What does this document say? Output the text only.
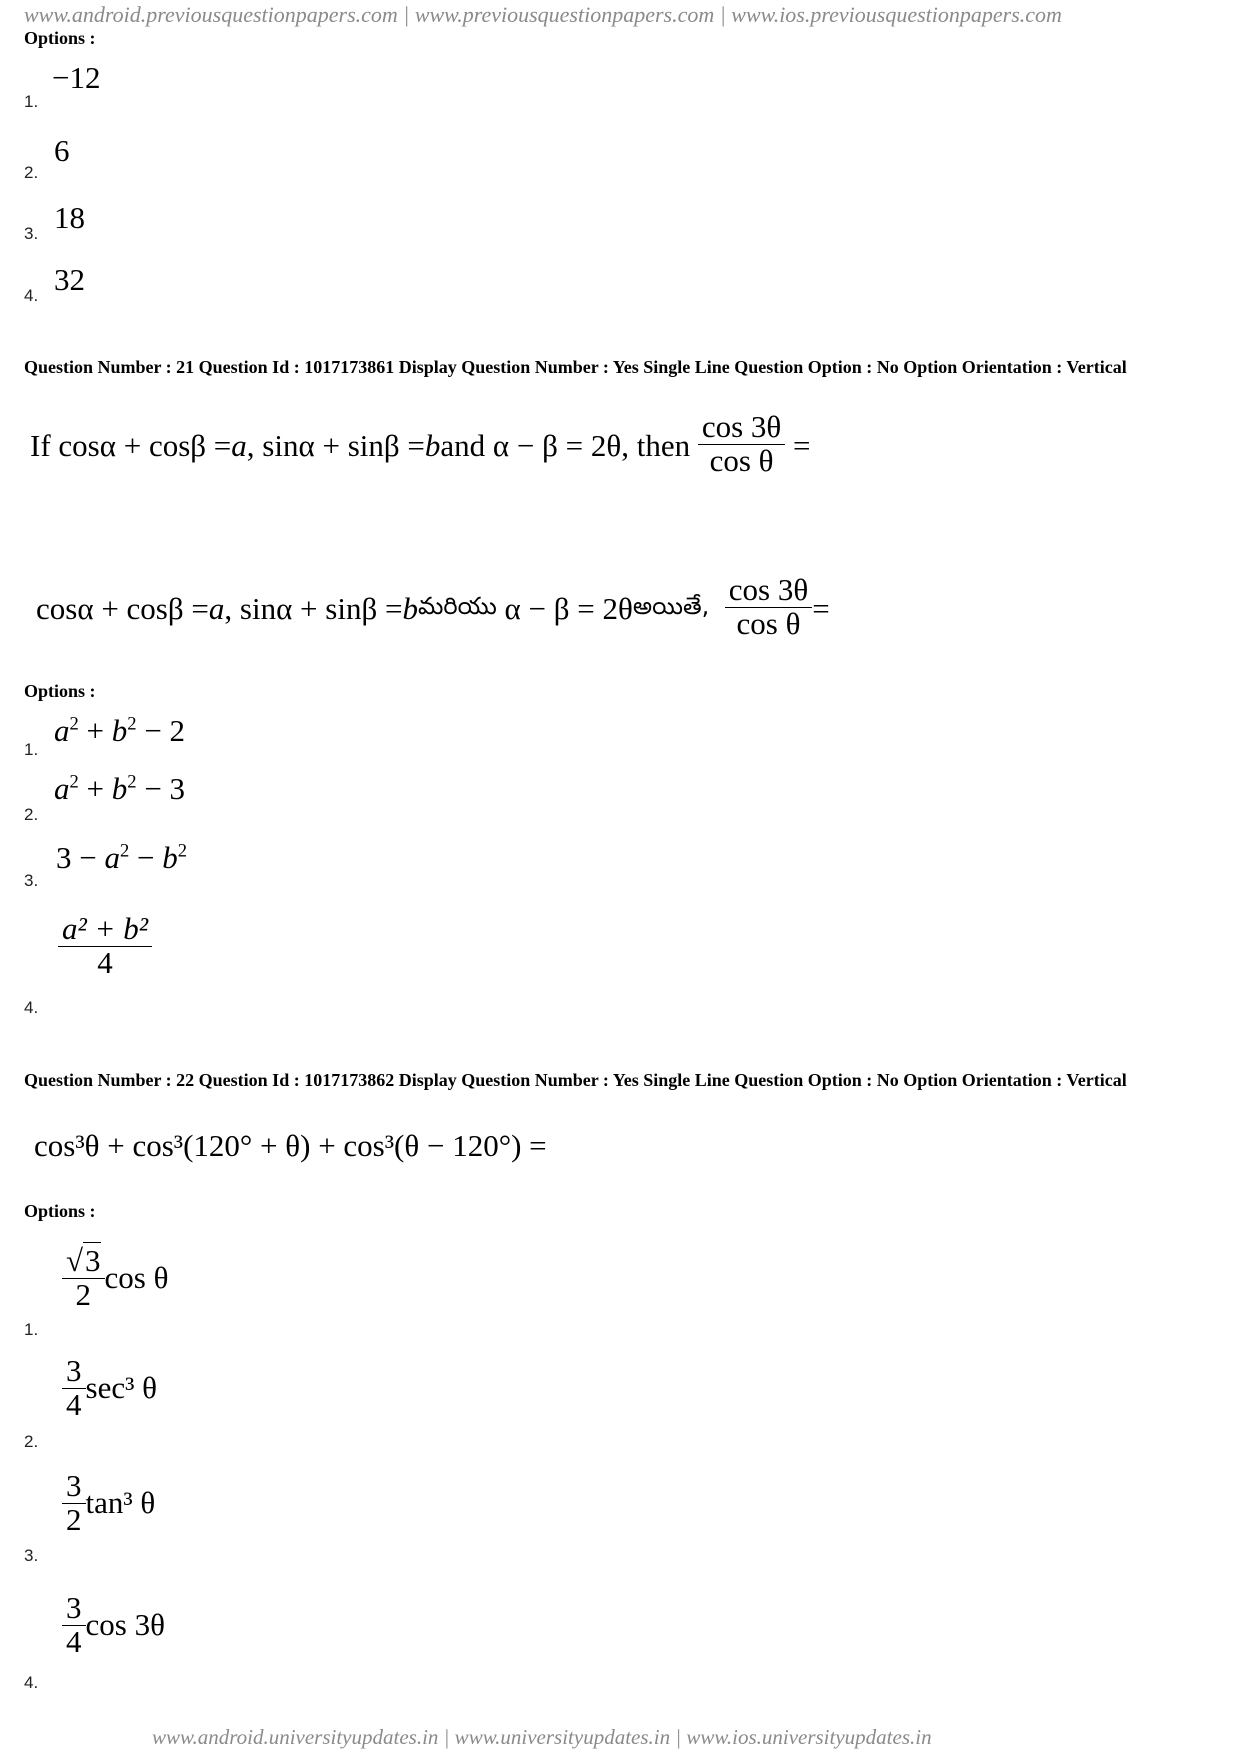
www.android.previousquestionpapers.com | www.previousquestionpapers.com | www.ios.previousquestionpapers.com
Options :
1.
−12
2.
6
3. 18
4. 32
Question Number : 21 Question Id : 1017173861 Display Question Number : Yes Single Line Question Option : No Option Orientation : Vertical
If
cosα + cosβ = a , sinα + sinβ = b and α − β = 2θ, then
$\frac{\cos 3\theta}{\text{cos θ}}$
=
cosα + cosβ = a , sinα + sinβ = b మరియు
α − β = 2θ అయితే,
$\frac{\cos 3\theta}{\text{cos θ}}$ =
Options :
1.
$a^2 + b^2 - 2$
2.
$a^2 + b^2 - 3$
3.
$3 - a^2 - b^2$
4.
a² + b²
4
Question Number : 22 Question Id : 1017173862 Display Question Number : Yes Single Line Question Option : No Option Orientation : Vertical
cos³θ + cos³(120° + θ) + cos³(θ − 120°) =
Options :
1.
$\frac{√3}{2}$ cos θ
2.
$\frac{3}{4} \sec^3$ θ
3.
$\frac{3}{2} \tan^3$ θ
4.
$\frac{3}{4}$ cos 3θ
www.android.universityupdates.in | www.universityupdates.in | www.ios.universityupdates.in
